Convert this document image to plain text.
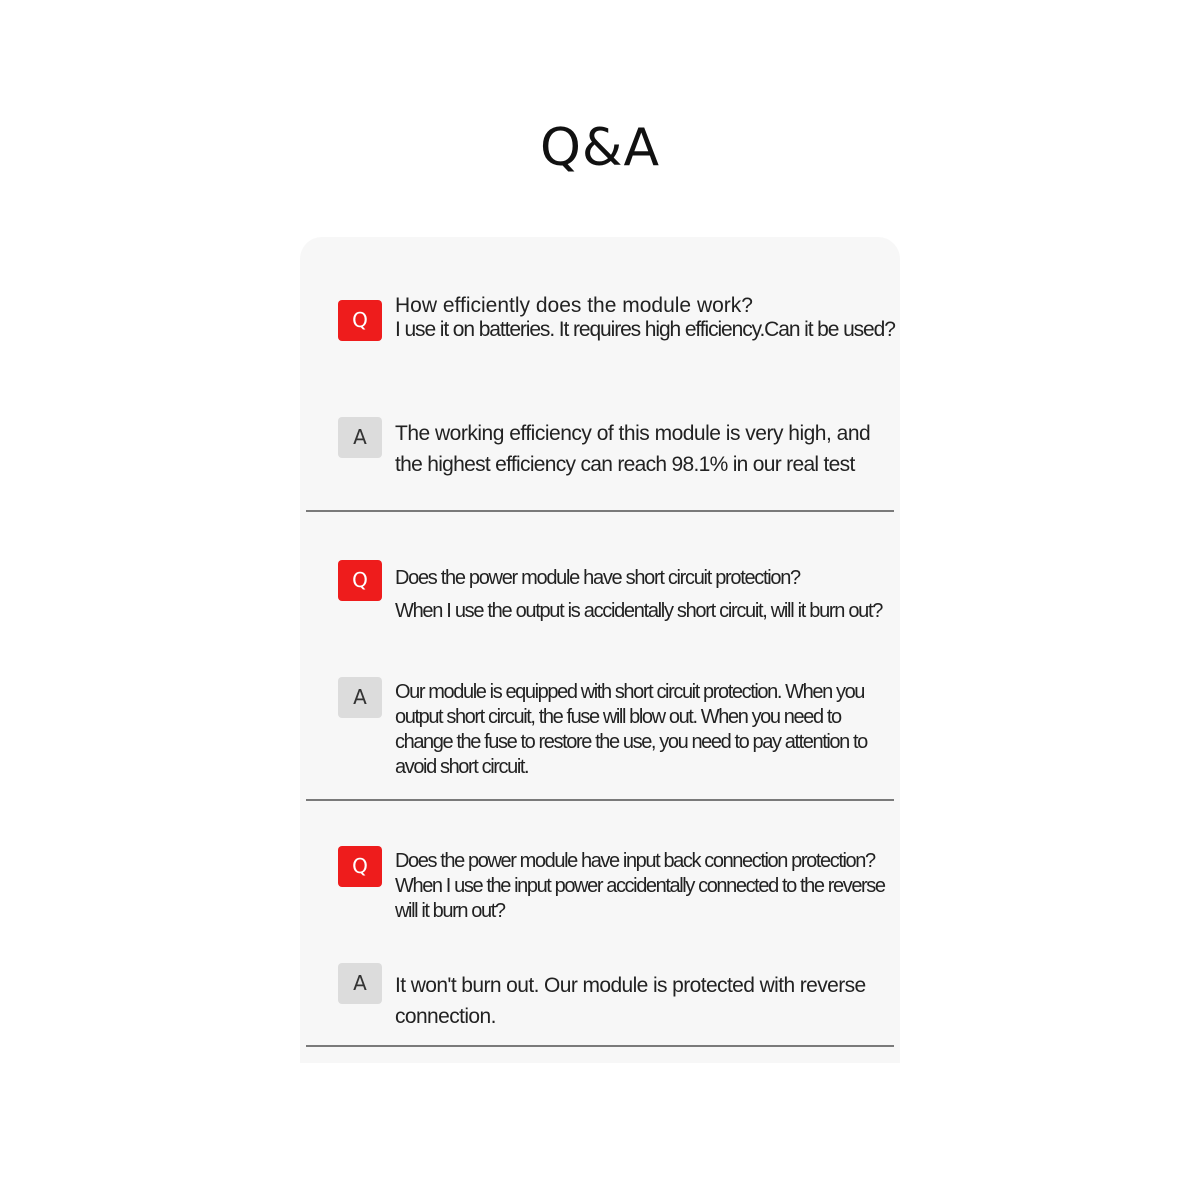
Q&A
Q
How efficiently does the module work?
I use it on batteries. It requires high efficiency.Can it be used?
A	The working efficiency of this module is very high, and
the highest efficiency can reach 98.1% in our real test
Q	Does the power module have short circuit protection?
When I use the output is accidentally short circuit, will it burn out?
A	Our module is equipped with short circuit protection. When you
output short circuit, the fuse will blow out. When you need to
change the fuse to restore the use, you need to pay attention to
avoid short circuit.
Q	Does the power module have input back connection protection?
When I use the input power accidentally connected to the reverse
will it burn out?
A	It won't burn out. Our module is protected with reverse
connection.
